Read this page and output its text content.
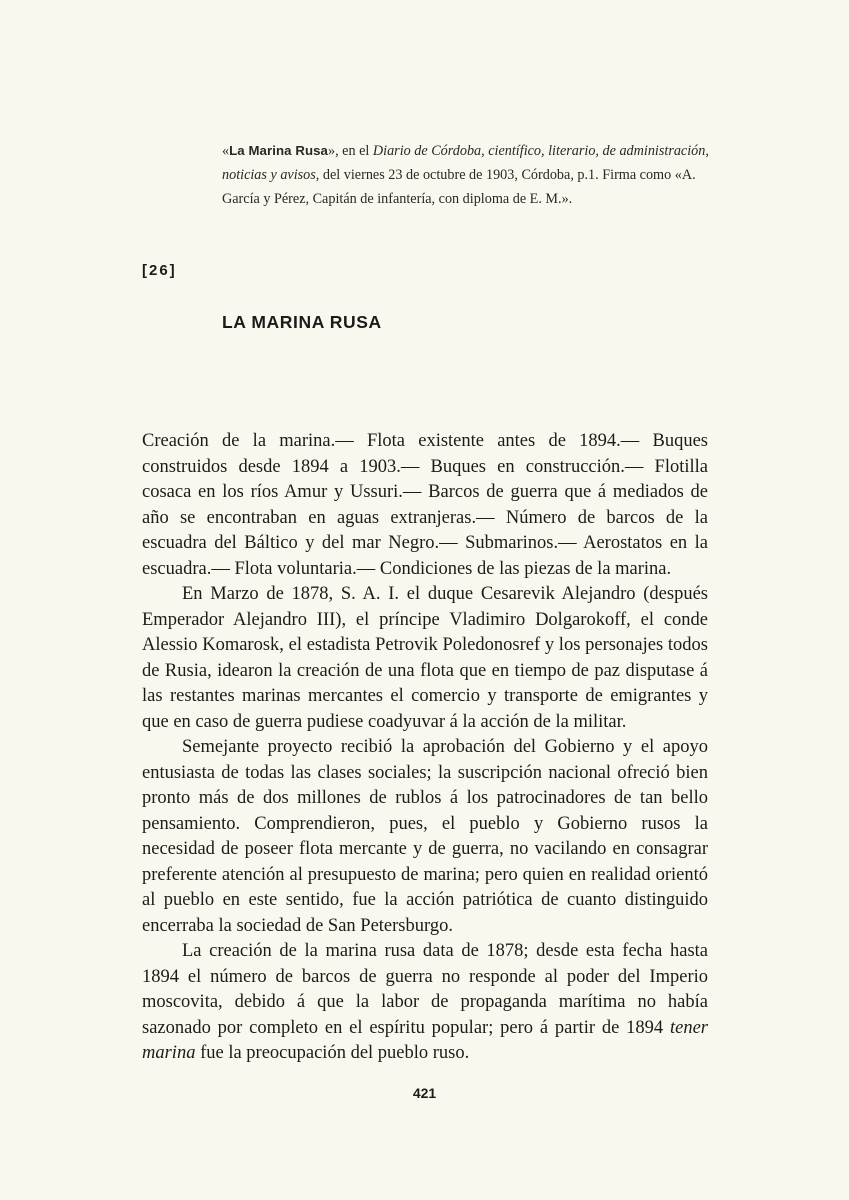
«La Marina Rusa», en el Diario de Córdoba, científico, literario, de administración, noticias y avisos, del viernes 23 de octubre de 1903, Córdoba, p.1. Firma como «A. García y Pérez, Capitán de infantería, con diploma de E. M.».
[26]
LA MARINA RUSA

Creación de la marina.— Flota existente antes de 1894.— Buques construidos desde 1894 a 1903.— Buques en construcción.— Flotilla cosaca en los ríos Amur y Ussuri.— Barcos de guerra que á mediados de año se encontraban en aguas extranjeras.— Número de barcos de la escuadra del Báltico y del mar Negro.— Submarinos.— Aerostatos en la escuadra.— Flota voluntaria.— Condiciones de las piezas de la marina.

En Marzo de 1878, S. A. I. el duque Cesarevik Alejandro (después Emperador Alejandro III), el príncipe Vladimiro Dolgarokoff, el conde Alessio Komarosk, el estadista Petrovik Poledonosref y los personajes todos de Rusia, idearon la creación de una flota que en tiempo de paz disputase á las restantes marinas mercantes el comercio y transporte de emigrantes y que en caso de guerra pudiese coadyuvar á la acción de la militar.

Semejante proyecto recibió la aprobación del Gobierno y el apoyo entusiasta de todas las clases sociales; la suscripción nacional ofreció bien pronto más de dos millones de rublos á los patrocinadores de tan bello pensamiento. Comprendieron, pues, el pueblo y Gobierno rusos la necesidad de poseer flota mercante y de guerra, no vacilando en consagrar preferente atención al presupuesto de marina; pero quien en realidad orientó al pueblo en este sentido, fue la acción patriótica de cuanto distinguido encerraba la sociedad de San Petersburgo.

La creación de la marina rusa data de 1878; desde esta fecha hasta 1894 el número de barcos de guerra no responde al poder del Imperio moscovita, debido á que la labor de propaganda marítima no había sazonado por completo en el espíritu popular; pero á partir de 1894 tener marina fue la preocupación del pueblo ruso.

421
